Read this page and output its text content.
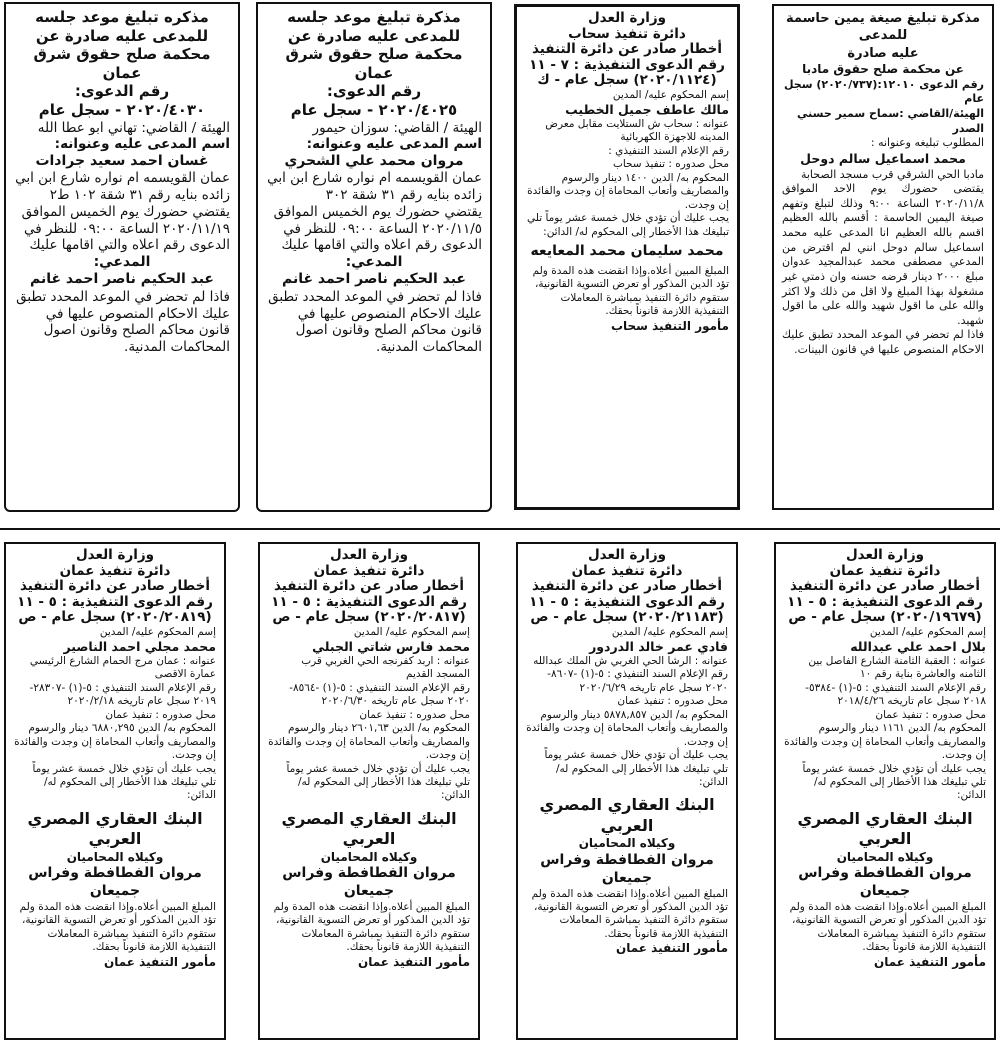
مذكرة تبليغ صيغة يمين حاسمة للمدعى

عليه صادرة

عن محكمة صلح حقوق مادبا

رقم الدعوى ١٢٠١٠:(٢٠٢٠/٧٣٧) سجل عام

الهيئة/القاضي :سماح سمير حسني الصدر

المطلوب تبليغه وعنوانه :

محمد اسماعيل سالم دوحل

مادبا الحي الشرقي قرب مسجد الصحابة

يقتضى حضورك يوم الاحد الموافق ٢٠٢٠/١١/٨ الساعة ٩:٠٠ وذلك لتبلغ وتفهم صيغة اليمين الحاسمة : أقسم بالله العظيم اقسم بالله العظيم انا المدعى عليه محمد اسماعيل سالم دوحل انني لم اقترض من المدعي مصطفى محمد عبدالمجيد عدوان مبلغ ٢٠٠٠ دينار قرضه حسنه وان ذمتي غير مشغولة بهذا المبلغ ولا اقل من ذلك ولا اكثر والله على ما اقول شهيد والله على ما اقول شهيد.

فاذا لم تحضر في الموعد المحدد تطبق عليك الاحكام المنصوص عليها في قانون البينات.

وزارة العدل

دائرة تنفيذ سحاب

أخطار صادر عن دائرة التنفيذ

رقم الدعوى التنفيذية : ٧ - ١١

(٢٠٢٠/١١٢٤) سجل عام - ك

إسم المحكوم عليه/ المدين

مالك عاطف جميل الخطيب

عنوانه : سحاب ش الستلايت مقابل معرض المدينه للاجهزة الكهربائية

رقم الإعلام السند التنفيذي :

محل صدوره : تنفيذ سحاب

المحكوم به/ الدين ١٤٠٠ دينار والرسوم والمصاريف وأتعاب المحاماة إن وجدت والفائدة إن وجدت.

يجب عليك أن تؤدي خلال خمسة عشر يوماً تلي تبليغك هذا الأخطار إلى المحكوم له/ الدائن:

محمد سليمان محمد المعايعه

المبلغ المبين أعلاه.وإذا انقضت هذه المدة ولم تؤد الدين المذكور أو تعرض التسوية القانونية، ستقوم دائرة التنفيذ بمباشرة المعاملات التنفيذية اللازمة قانوناً بحقك.

مأمور التنفيذ سحاب

مذكرة تبليغ موعد جلسه

للمدعى عليه صادرة عن

محكمة صلح حقوق شرق عمان

رقم الدعوى:

٢٠٢٠/٤٠٢٥ - سجل عام

الهيئة / القاضي: سوزان حيمور

اسم المدعى عليه وعنوانه:

مروان محمد علي الشحري

عمان القويسمه ام نواره شارع ابن ابي زائده بنايه رقم ٣١ شقة ٣٠٢

يقتضي حضورك يوم الخميس الموافق ٢٠٢٠/١١/٥ الساعة ٠٩:٠٠ للنظر في الدعوى رقم اعلاه والتي اقامها عليك

المدعي:

عبد الحكيم ناصر احمد غانم

فاذا لم تحضر في الموعد المحدد تطبق عليك الاحكام المنصوص عليها في قانون محاكم الصلح وقانون اصول المحاكمات المدنية.

مذكره تبليغ موعد جلسه

للمدعى عليه صادرة عن

محكمة صلح حقوق شرق عمان

رقم الدعوى:

٢٠٢٠/٤٠٣٠ - سجل عام

الهيئة / القاضي: تهاني ابو عطا الله

اسم المدعى عليه وعنوانه:

غسان احمد سعيد جرادات

عمان القويسمه ام نواره شارع ابن ابي زائده بنايه رقم ٣١ شقة ١٠٢ ط٢

يقتضي حضورك يوم الخميس الموافق ٢٠٢٠/١١/١٩ الساعة ٠٩:٠٠ للنظر في الدعوى رقم اعلاه والتي اقامها عليك

المدعي:

عبد الحكيم ناصر احمد غانم

فاذا لم تحضر في الموعد المحدد تطبق عليك الاحكام المنصوص عليها في قانون محاكم الصلح وقانون اصول المحاكمات المدنية.

وزارة العدل

دائرة تنفيذ عمان

أخطار صادر عن دائرة التنفيذ

رقم الدعوى التنفيذية : ٥ - ١١

(٢٠٢٠/١٩٦٧٩) سجل عام - ص

إسم المحكوم عليه/ المدين

بلال احمد علي عبدالله

عنوانه : العقبة الثامنة الشارع الفاصل بين الثامنه والعاشرة بناية رقم ١٠

رقم الإعلام السند التنفيذي : ٥-(١) -٥٣٨٤- ٢٠١٨ سجل عام تاريخه ٢٠١٨/٤/٢٦

محل صدوره : تنفيذ عمان

المحكوم به/ الدين ١١٦١ دينار والرسوم والمصاريف وأتعاب المحاماة إن وجدت والفائدة إن وجدت.

يجب عليك أن تؤدي خلال خمسة عشر يوماً تلي تبليغك هذا الأخطار إلى المحكوم له/ الدائن:

البنك العقاري المصري العربي

وكيلاه المحاميان

مروان الفطافطة وفراس جميعان

المبلغ المبين أعلاه.وإذا انقضت هذه المدة ولم تؤد الدين المذكور أو تعرض التسوية القانونية، ستقوم دائرة التنفيذ بمباشرة المعاملات التنفيذية اللازمة قانوناً بحقك.

مأمور التنفيذ عمان

وزارة العدل

دائرة تنفيذ عمان

أخطار صادر عن دائرة التنفيذ

رقم الدعوى التنفيذية : ٥ - ١١

(٢٠٢٠/٢١١٨٣) سجل عام - ص

إسم المحكوم عليه/ المدين

فادي عمر خالد الدردور

عنوانه : الرشا الحي الغربي ش الملك عبدالله

رقم الإعلام السند التنفيذي : ٥-(١) -٨٦٠٧- ٢٠٢٠ سجل عام تاريخه ٢٠٢٠/٦/٢٩

محل صدوره : تنفيذ عمان

المحكوم به/ الدين ٥٨٧٨,٨٥٧ دينار والرسوم والمصاريف وأتعاب المحاماة إن وجدت والفائدة إن وجدت.

يجب عليك أن تؤدي خلال خمسة عشر يوماً تلي تبليغك هذا الأخطار إلى المحكوم له/ الدائن:

البنك العقاري المصري العربي

وكيلاه المحاميان

مروان الفطافطة وفراس جميعان

المبلغ المبين أعلاه.وإذا انقضت هذه المدة ولم تؤد الدين المذكور أو تعرض التسوية القانونية، ستقوم دائرة التنفيذ بمباشرة المعاملات التنفيذية اللازمة قانوناً بحقك.

مأمور التنفيذ عمان

وزارة العدل

دائرة تنفيذ عمان

أخطار صادر عن دائرة التنفيذ

رقم الدعوى التنفيذية : ٥ - ١١

(٢٠٢٠/٢٠٨١٧) سجل عام - ص

إسم المحكوم عليه/ المدين

محمد فارس شاتي الجبلي

عنوانه : اربد كفرنجه الحي الغربي قرب المسجد القديم

رقم الإعلام السند التنفيذي : ٥-(١) -٨٥٦٤- ٢٠٢٠ سجل عام تاريخه ٢٠٢٠/٦/٣٠

محل صدوره : تنفيذ عمان

المحكوم به/ الدين ٢٦٠١,٦٣ دينار والرسوم والمصاريف وأتعاب المحاماة إن وجدت والفائدة إن وجدت.

يجب عليك أن تؤدي خلال خمسة عشر يوماً تلي تبليغك هذا الأخطار إلى المحكوم له/ الدائن:

البنك العقاري المصري العربي

وكيلاه المحاميان

مروان الفطافطة وفراس جميعان

المبلغ المبين أعلاه.وإذا انقضت هذه المدة ولم تؤد الدين المذكور أو تعرض التسوية القانونية، ستقوم دائرة التنفيذ بمباشرة المعاملات التنفيذية اللازمة قانوناً بحقك.

مأمور التنفيذ عمان

وزارة العدل

دائرة تنفيذ عمان

أخطار صادر عن دائرة التنفيذ

رقم الدعوى التنفيذية : ٥ - ١١

(٢٠٢٠/٢٠٨١٩) سجل عام - ص

إسم المحكوم عليه/ المدين

محمد مجلي احمد الناصير

عنوانه : عمان مرج الحمام الشارع الرئيسي عمارة الاقصى

رقم الإعلام السند التنفيذي : ٥-(١) -٢٨٣٠٧- ٢٠١٩ سجل عام تاريخه ٢٠٢٠/٢/١٨

محل صدوره : تنفيذ عمان

المحكوم به/ الدين ٦٨٨٠,٢٩٥ دينار والرسوم والمصاريف وأتعاب المحاماة إن وجدت والفائدة إن وجدت.

يجب عليك أن تؤدي خلال خمسة عشر يوماً تلي تبليغك هذا الأخطار إلى المحكوم له/ الدائن:

البنك العقاري المصري العربي

وكيلاه المحاميان

مروان الفطافطة وفراس جميعان

المبلغ المبين أعلاه.وإذا انقضت هذه المدة ولم تؤد الدين المذكور أو تعرض التسوية القانونية، ستقوم دائرة التنفيذ بمباشرة المعاملات التنفيذية اللازمة قانوناً بحقك.

مأمور التنفيذ عمان
